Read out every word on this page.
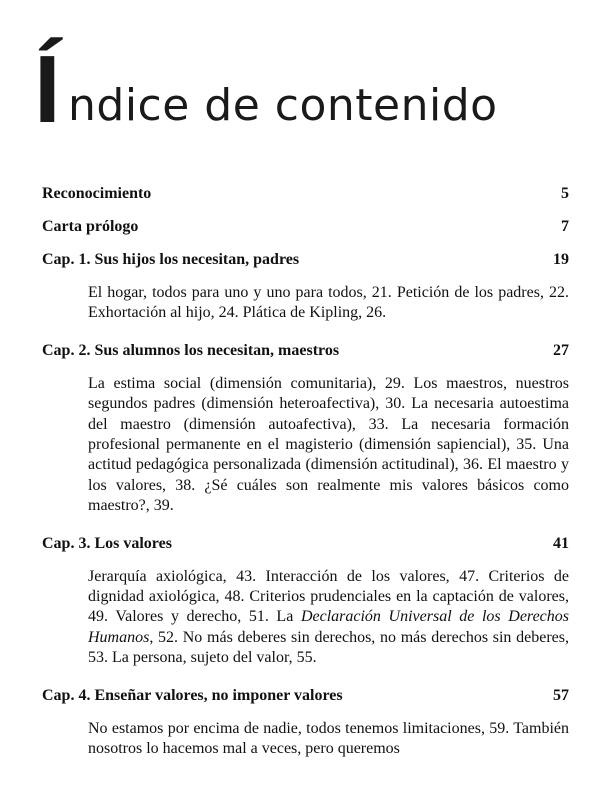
Í ndice de contenido
Reconocimiento	5
Carta prólogo	7
Cap. 1. Sus hijos los necesitan, padres	19
El hogar, todos para uno y uno para todos, 21. Petición de los padres, 22. Exhortación al hijo, 24. Plática de Kipling, 26.
Cap. 2. Sus alumnos los necesitan, maestros	27
La estima social (dimensión comunitaria), 29. Los maestros, nuestros segundos padres (dimensión heteroafectiva), 30. La necesaria autoestima del maestro (dimensión autoafectiva), 33. La necesaria formación profesional permanente en el magisterio (dimensión sapiencial), 35. Una actitud pedagógica personalizada (dimensión actitudinal), 36. El maestro y los valores, 38. ¿Sé cuáles son realmente mis valores básicos como maestro?, 39.
Cap. 3. Los valores	41
Jerarquía axiológica, 43. Interacción de los valores, 47. Criterios de dignidad axiológica, 48. Criterios prudenciales en la captación de valores, 49. Valores y derecho, 51. La Declaración Universal de los Derechos Humanos, 52. No más deberes sin derechos, no más derechos sin deberes, 53. La persona, sujeto del valor, 55.
Cap. 4. Enseñar valores, no imponer valores	57
No estamos por encima de nadie, todos tenemos limitaciones, 59. También nosotros lo hacemos mal a veces, pero queremos
